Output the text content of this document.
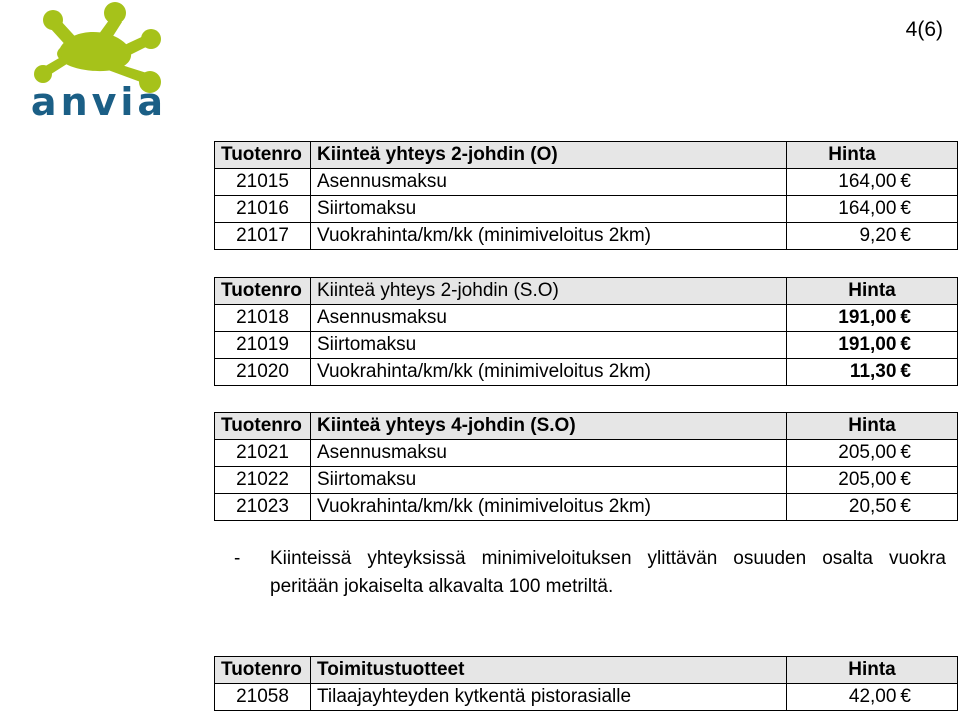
anvia
4(6)
Tuotenro	Kiinteä yhteys 2-johdin (O)	Hinta
21015	Asennusmaksu	164,00 €
21016	Siirtomaksu	164,00 €
21017	Vuokrahinta/km/kk (minimiveloitus 2km)	9,20 €
Tuotenro	Kiinteä yhteys 2-johdin (S.O)	Hinta
21018	Asennusmaksu	191,00 €
21019	Siirtomaksu	191,00 €
21020	Vuokrahinta/km/kk (minimiveloitus 2km)	11,30 €
Tuotenro	Kiinteä yhteys 4-johdin (S.O)	Hinta
21021	Asennusmaksu	205,00 €
21022	Siirtomaksu	205,00 €
21023	Vuokrahinta/km/kk (minimiveloitus 2km)	20,50 €
- Kiinteissä yhteyksissä minimiveloituksen ylittävän osuuden osalta vuokra peritään jokaiselta alkavalta 100 metriltä.
Tuotenro	Toimitustuotteet	Hinta
21058	Tilaajayhteyden kytkentä pistorasialle	42,00 €
